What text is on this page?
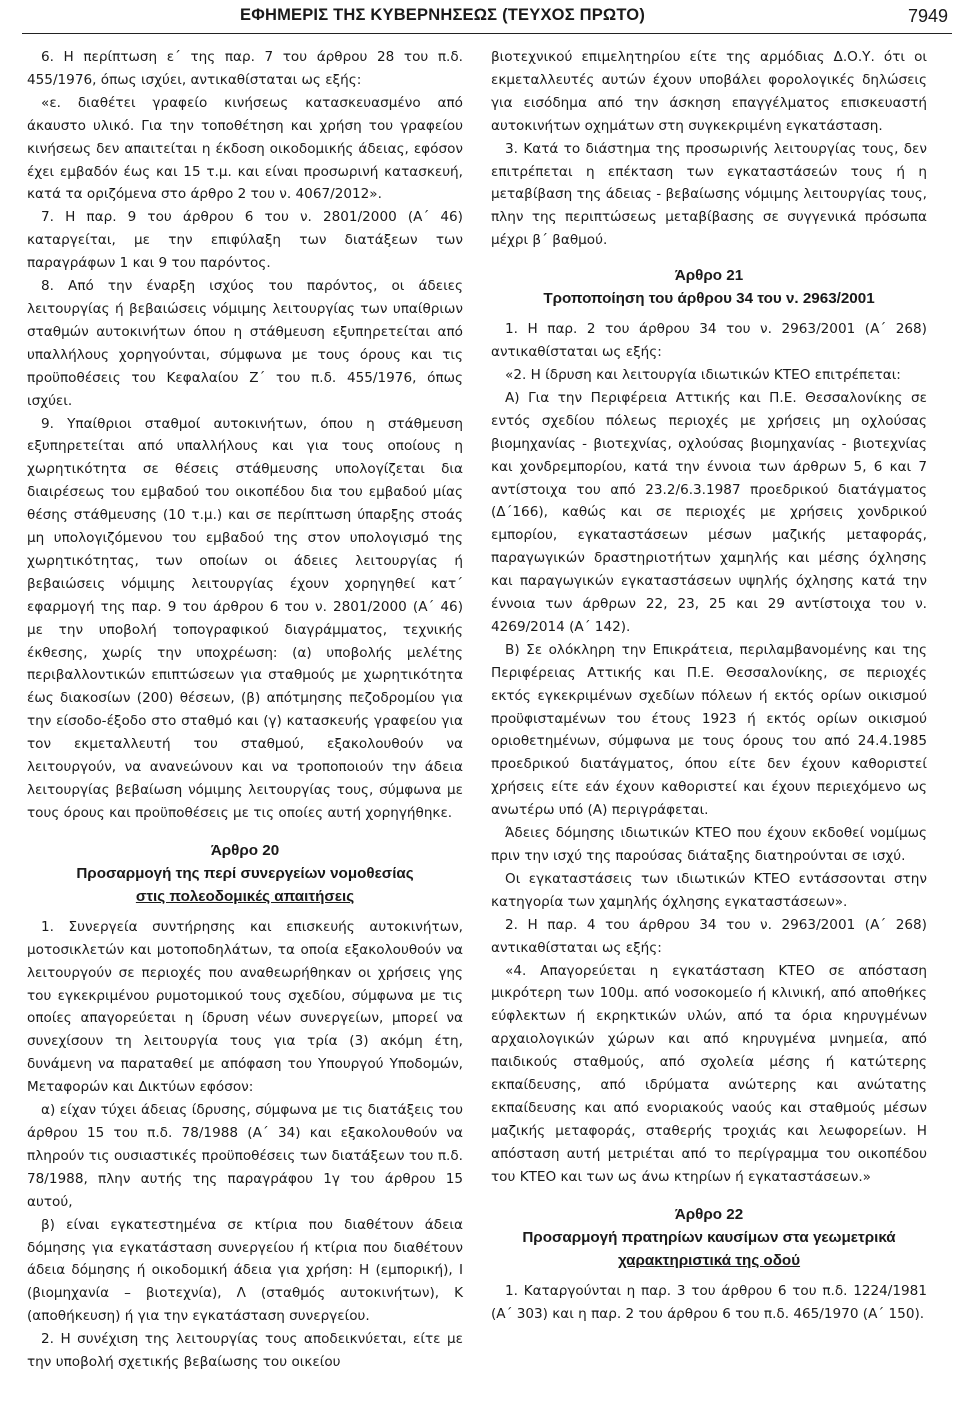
ΕΦΗΜΕΡΙΣ ΤΗΣ ΚΥΒΕΡΝΗΣΕΩΣ (ΤΕΥΧΟΣ ΠΡΩΤΟ)	7949

6. Η περίπτωση ε΄ της παρ. 7 του άρθρου 28 του π.δ. 455/1976, όπως ισχύει, αντικαθίσταται ως εξής:

«ε. διαθέτει γραφείο κινήσεως κατασκευασμένο από άκαυστο υλικό. Για την τοποθέτηση και χρήση του γραφείου κινήσεως δεν απαιτείται η έκδοση οικοδομικής άδειας, εφόσον έχει εμβαδόν έως και 15 τ.μ. και είναι προσωρινή κατασκευή, κατά τα οριζόμενα στο άρθρο 2 του ν. 4067/2012».

7. Η παρ. 9 του άρθρου 6 του ν. 2801/2000 (Α΄ 46) καταργείται, με την επιφύλαξη των διατάξεων των παραγράφων 1 και 9 του παρόντος.

8. Από την έναρξη ισχύος του παρόντος, οι άδειες λειτουργίας ή βεβαιώσεις νόμιμης λειτουργίας των υπαίθριων σταθμών αυτοκινήτων όπου η στάθμευση εξυπηρετείται από υπαλλήλους χορηγούνται, σύμφωνα με τους όρους και τις προϋποθέσεις του Κεφαλαίου Ζ΄ του π.δ. 455/1976, όπως ισχύει.

9. Υπαίθριοι σταθμοί αυτοκινήτων, όπου η στάθμευση εξυπηρετείται από υπαλλήλους και για τους οποίους η χωρητικότητα σε θέσεις στάθμευσης υπολογίζεται δια διαιρέσεως του εμβαδού του οικοπέδου δια του εμβαδού μίας θέσης στάθμευσης (10 τ.μ.) και σε περίπτωση ύπαρξης στοάς μη υπολογιζόμενου του εμβαδού της στον υπολογισμό της χωρητικότητας, των οποίων οι άδειες λειτουργίας ή βεβαιώσεις νόμιμης λειτουργίας έχουν χορηγηθεί κατ΄ εφαρμογή της παρ. 9 του άρθρου 6 του ν. 2801/2000 (Α΄ 46) με την υποβολή τοπογραφικού διαγράμματος, τεχνικής έκθεσης, χωρίς την υποχρέωση: (α) υποβολής μελέτης περιβαλλοντικών επιπτώσεων για σταθμούς με χωρητικότητα έως διακοσίων (200) θέσεων, (β) απότμησης πεζοδρομίου για την είσοδο-έξοδο στο σταθμό και (γ) κατασκευής γραφείου για τον εκμεταλλευτή του σταθμού, εξακολουθούν να λειτουργούν, να ανανεώνουν και να τροποποιούν την άδεια λειτουργίας βεβαίωση νόμιμης λειτουργίας τους, σύμφωνα με τους όρους και προϋποθέσεις με τις οποίες αυτή χορηγήθηκε.

Άρθρο 20
Προσαρμογή της περί συνεργείων νομοθεσίας
στις πολεοδομικές απαιτήσεις

1. Συνεργεία συντήρησης και επισκευής αυτοκινήτων, μοτοσικλετών και μοτοποδηλάτων, τα οποία εξακολουθούν να λειτουργούν σε περιοχές που αναθεωρήθηκαν οι χρήσεις γης του εγκεκριμένου ρυμοτομικού τους σχεδίου, σύμφωνα με τις οποίες απαγορεύεται η ίδρυση νέων συνεργείων, μπορεί να συνεχίσουν τη λειτουργία τους για τρία (3) ακόμη έτη, δυνάμενη να παραταθεί με απόφαση του Υπουργού Υποδομών, Μεταφορών και Δικτύων εφόσον:

α) είχαν τύχει άδειας ίδρυσης, σύμφωνα με τις διατάξεις του άρθρου 15 του π.δ. 78/1988 (Α΄ 34) και εξακολουθούν να πληρούν τις ουσιαστικές προϋποθέσεις των διατάξεων του π.δ. 78/1988, πλην αυτής της παραγράφου 1γ του άρθρου 15 αυτού,

β) είναι εγκατεστημένα σε κτίρια που διαθέτουν άδεια δόμησης για εγκατάσταση συνεργείου ή κτίρια που διαθέτουν άδεια δόμησης ή οικοδομική άδεια για χρήση: Η (εμπορική), Ι (βιομηχανία – βιοτεχνία), Λ (σταθμός αυτοκινήτων), Κ (αποθήκευση) ή για την εγκατάσταση συνεργείου.

2. Η συνέχιση της λειτουργίας τους αποδεικνύεται, είτε με την υποβολή σχετικής βεβαίωσης του οικείου

βιοτεχνικού επιμελητηρίου είτε της αρμόδιας Δ.Ο.Υ. ότι οι εκμεταλλευτές αυτών έχουν υποβάλει φορολογικές δηλώσεις για εισόδημα από την άσκηση επαγγέλματος επισκευαστή αυτοκινήτων οχημάτων στη συγκεκριμένη εγκατάσταση.

3. Κατά το διάστημα της προσωρινής λειτουργίας τους, δεν επιτρέπεται η επέκταση των εγκαταστάσεών τους ή η μεταβίβαση της άδειας - βεβαίωσης νόμιμης λειτουργίας τους, πλην της περιπτώσεως μεταβίβασης σε συγγενικά πρόσωπα μέχρι β΄ βαθμού.

Άρθρο 21
Τροποποίηση του άρθρου 34 του ν. 2963/2001

1. Η παρ. 2 του άρθρου 34 του ν. 2963/2001 (Α΄ 268) αντικαθίσταται ως εξής:

«2. Η ίδρυση και λειτουργία ιδιωτικών ΚΤΕΟ επιτρέπεται:

Α) Για την Περιφέρεια Αττικής και Π.Ε. Θεσσαλονίκης σε εντός σχεδίου πόλεως περιοχές με χρήσεις μη οχλούσας βιομηχανίας - βιοτεχνίας, οχλούσας βιομηχανίας - βιοτεχνίας και χονδρεμπορίου, κατά την έννοια των άρθρων 5, 6 και 7 αντίστοιχα του από 23.2/6.3.1987 προεδρικού διατάγματος (Δ΄166), καθώς και σε περιοχές με χρήσεις χονδρικού εμπορίου, εγκαταστάσεων μέσων μαζικής μεταφοράς, παραγωγικών δραστηριοτήτων χαμηλής και μέσης όχλησης και παραγωγικών εγκαταστάσεων υψηλής όχλησης κατά την έννοια των άρθρων 22, 23, 25 και 29 αντίστοιχα του ν. 4269/2014 (Α΄ 142).

Β) Σε ολόκληρη την Επικράτεια, περιλαμβανομένης και της Περιφέρειας Αττικής και Π.Ε. Θεσσαλονίκης, σε περιοχές εκτός εγκεκριμένων σχεδίων πόλεων ή εκτός ορίων οικισμού προϋφισταμένων του έτους 1923 ή εκτός ορίων οικισμού οριοθετημένων, σύμφωνα με τους όρους του από 24.4.1985 προεδρικού διατάγματος, όπου είτε δεν έχουν καθοριστεί χρήσεις είτε εάν έχουν καθοριστεί και έχουν περιεχόμενο ως ανωτέρω υπό (Α) περιγράφεται.

Άδειες δόμησης ιδιωτικών ΚΤΕΟ που έχουν εκδοθεί νομίμως πριν την ισχύ της παρούσας διάταξης διατηρούνται σε ισχύ.

Οι εγκαταστάσεις των ιδιωτικών ΚΤΕΟ εντάσσονται στην κατηγορία των χαμηλής όχλησης εγκαταστάσεων».

2. Η παρ. 4 του άρθρου 34 του ν. 2963/2001 (Α΄ 268) αντικαθίσταται ως εξής:

«4. Απαγορεύεται η εγκατάσταση ΚΤΕΟ σε απόσταση μικρότερη των 100μ. από νοσοκομείο ή κλινική, από αποθήκες εύφλεκτων ή εκρηκτικών υλών, από τα όρια κηρυγμένων αρχαιολογικών χώρων και από κηρυγμένα μνημεία, από παιδικούς σταθμούς, από σχολεία μέσης ή κατώτερης εκπαίδευσης, από ιδρύματα ανώτερης και ανώτατης εκπαίδευσης και από ενοριακούς ναούς και σταθμούς μέσων μαζικής μεταφοράς, σταθερής τροχιάς και λεωφορείων. Η απόσταση αυτή μετριέται από το περίγραμμα του οικοπέδου του ΚΤΕΟ και των ως άνω κτηρίων ή εγκαταστάσεων.»

Άρθρο 22
Προσαρμογή πρατηρίων καυσίμων στα γεωμετρικά
χαρακτηριστικά της οδού

1. Καταργούνται η παρ. 3 του άρθρου 6 του π.δ. 1224/1981 (Α΄ 303) και η παρ. 2 του άρθρου 6 του π.δ. 465/1970 (Α΄ 150).
